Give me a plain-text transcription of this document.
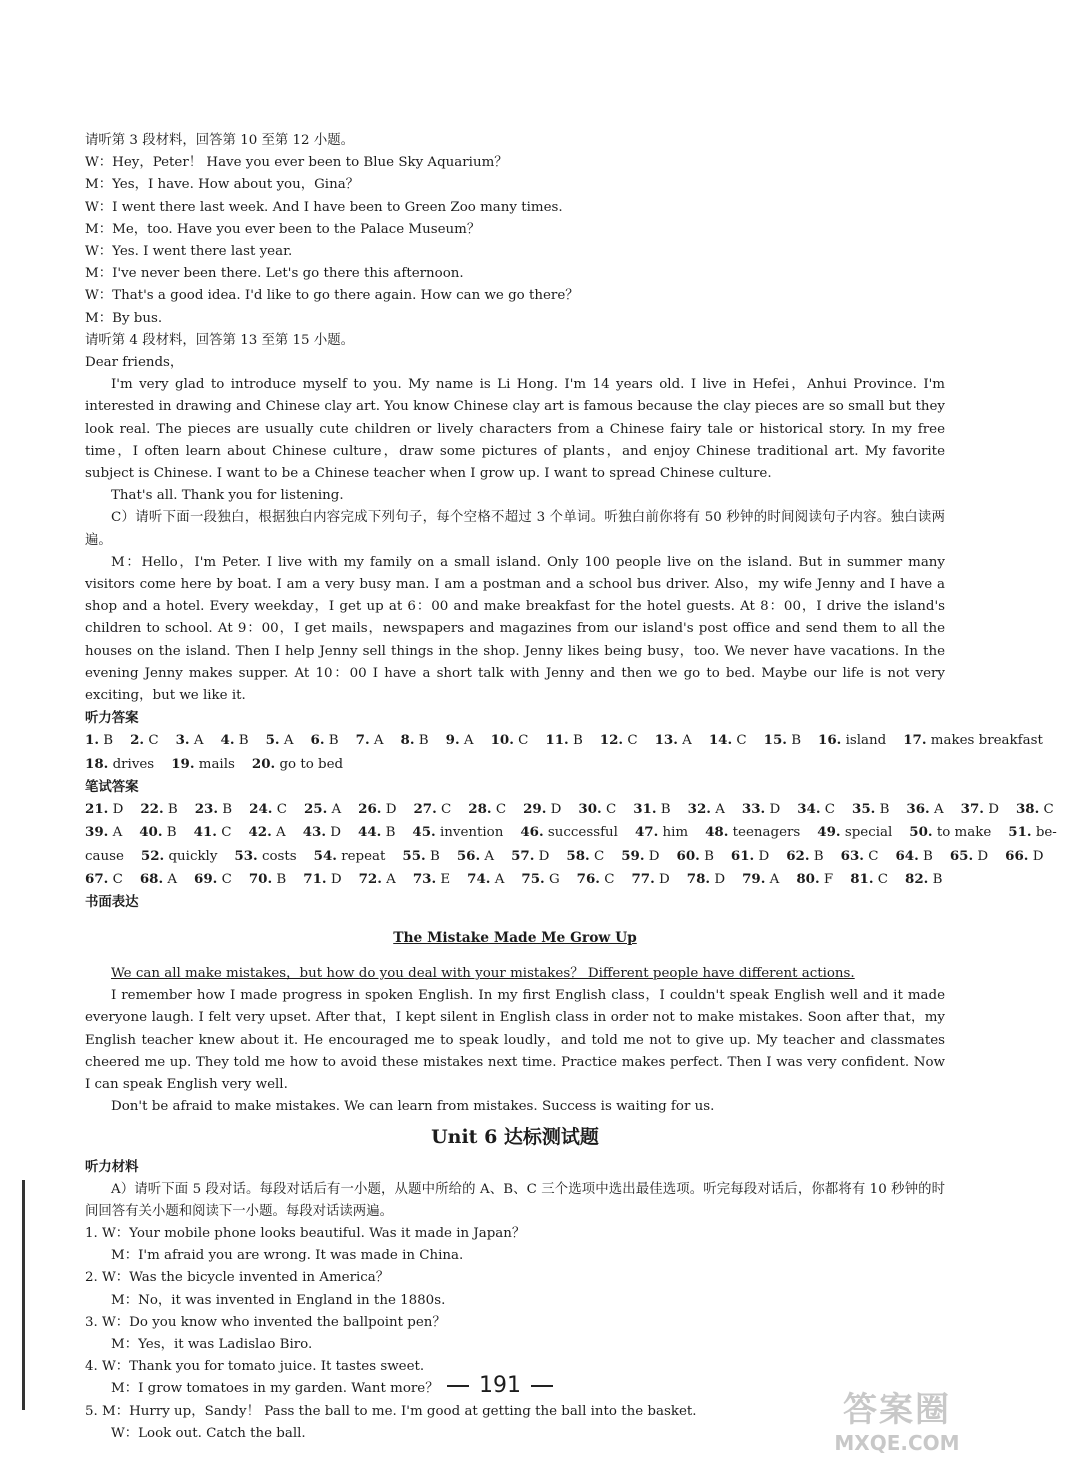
请听第 3 段材料，回答第 10 至第 12 小题。

W：Hey，Peter！ Have you ever been to Blue Sky Aquarium？

M：Yes，I have. How about you，Gina？

W：I went there last week. And I have been to Green Zoo many times.

M：Me，too. Have you ever been to the Palace Museum？

W：Yes. I went there last year.

M：I've never been there. Let's go there this afternoon.

W：That's a good idea. I'd like to go there again. How can we go there？

M：By bus.

请听第 4 段材料，回答第 13 至第 15 小题。

Dear friends，

I'm very glad to introduce myself to you. My name is Li Hong. I'm 14 years old. I live in Hefei，Anhui Province. I'm interested in drawing and Chinese clay art. You know Chinese clay art is famous because the clay pieces are so small but they look real. The pieces are usually cute children or lively characters from a Chinese fairy tale or historical story. In my free time，I often learn about Chinese culture，draw some pictures of plants，and enjoy Chinese traditional art. My favorite subject is Chinese. I want to be a Chinese teacher when I grow up. I want to spread Chinese culture.

That's all. Thank you for listening.

C）请听下面一段独白，根据独白内容完成下列句子，每个空格不超过 3 个单词。听独白前你将有 50 秒钟的时间阅读句子内容。独白读两遍。

M：Hello，I'm Peter. I live with my family on a small island. Only 100 people live on the island. But in summer many visitors come here by boat. I am a very busy man. I am a postman and a school bus driver. Also，my wife Jenny and I have a shop and a hotel. Every weekday，I get up at 6：00 and make breakfast for the hotel guests. At 8：00，I drive the island's children to school. At 9：00，I get mails，newspapers and magazines from our island's post office and send them to all the houses on the island. Then I help Jenny sell things in the shop. Jenny likes being busy，too. We never have vacations. In the evening Jenny makes supper. At 10：00 I have a short talk with Jenny and then we go to bed. Maybe our life is not very exciting，but we like it.

听力答案

1. B 2. C 3. A 4. B 5. A 6. B 7. A 8. B 9. A 10. C 11. B 12. C 13. A 14. C 15. B 16. island 17. makes breakfast
18. drives 19. mails 20. go to bed

笔试答案

21. D 22. B 23. B 24. C 25. A 26. D 27. C 28. C 29. D 30. C 31. B 32. A 33. D 34. C 35. B 36. A 37. D 38. C
39. A 40. B 41. C 42. A 43. D 44. B 45. invention 46. successful 47. him 48. teenagers 49. special 50. to make 51. be-
cause 52. quickly 53. costs 54. repeat 55. B 56. A 57. D 58. C 59. D 60. B 61. D 62. B 63. C 64. B 65. D 66. D
67. C 68. A 69. C 70. B 71. D 72. A 73. E 74. A 75. G 76. C 77. D 78. D 79. A 80. F 81. C 82. B

书面表达

The Mistake Made Me Grow Up

We can all make mistakes，but how do you deal with your mistakes？ Different people have different actions.

I remember how I made progress in spoken English. In my first English class，I couldn't speak English well and it made everyone laugh. I felt very upset. After that，I kept silent in English class in order not to make mistakes. Soon after that，my English teacher knew about it. He encouraged me to speak loudly，and told me not to give up. My teacher and classmates cheered me up. They told me how to avoid these mistakes next time. Practice makes perfect. Then I was very confident. Now I can speak English very well.

Don't be afraid to make mistakes. We can learn from mistakes. Success is waiting for us.

Unit 6 达标测试题

听力材料

A）请听下面 5 段对话。每段对话后有一小题，从题中所给的 A、B、C 三个选项中选出最佳选项。听完每段对话后，你都将有 10 秒钟的时间回答有关小题和阅读下一小题。每段对话读两遍。

1. W：Your mobile phone looks beautiful. Was it made in Japan？

M：I'm afraid you are wrong. It was made in China.

2. W：Was the bicycle invented in America？

M：No，it was invented in England in the 1880s.

3. W：Do you know who invented the ballpoint pen？

M：Yes，it was Ladislao Biro.

4. W：Thank you for tomato juice. It tastes sweet.

M：I grow tomatoes in my garden. Want more？

5. M：Hurry up，Sandy！ Pass the ball to me. I'm good at getting the ball into the basket.

W：Look out. Catch the ball.

191
答案圈
MXQE.COM
